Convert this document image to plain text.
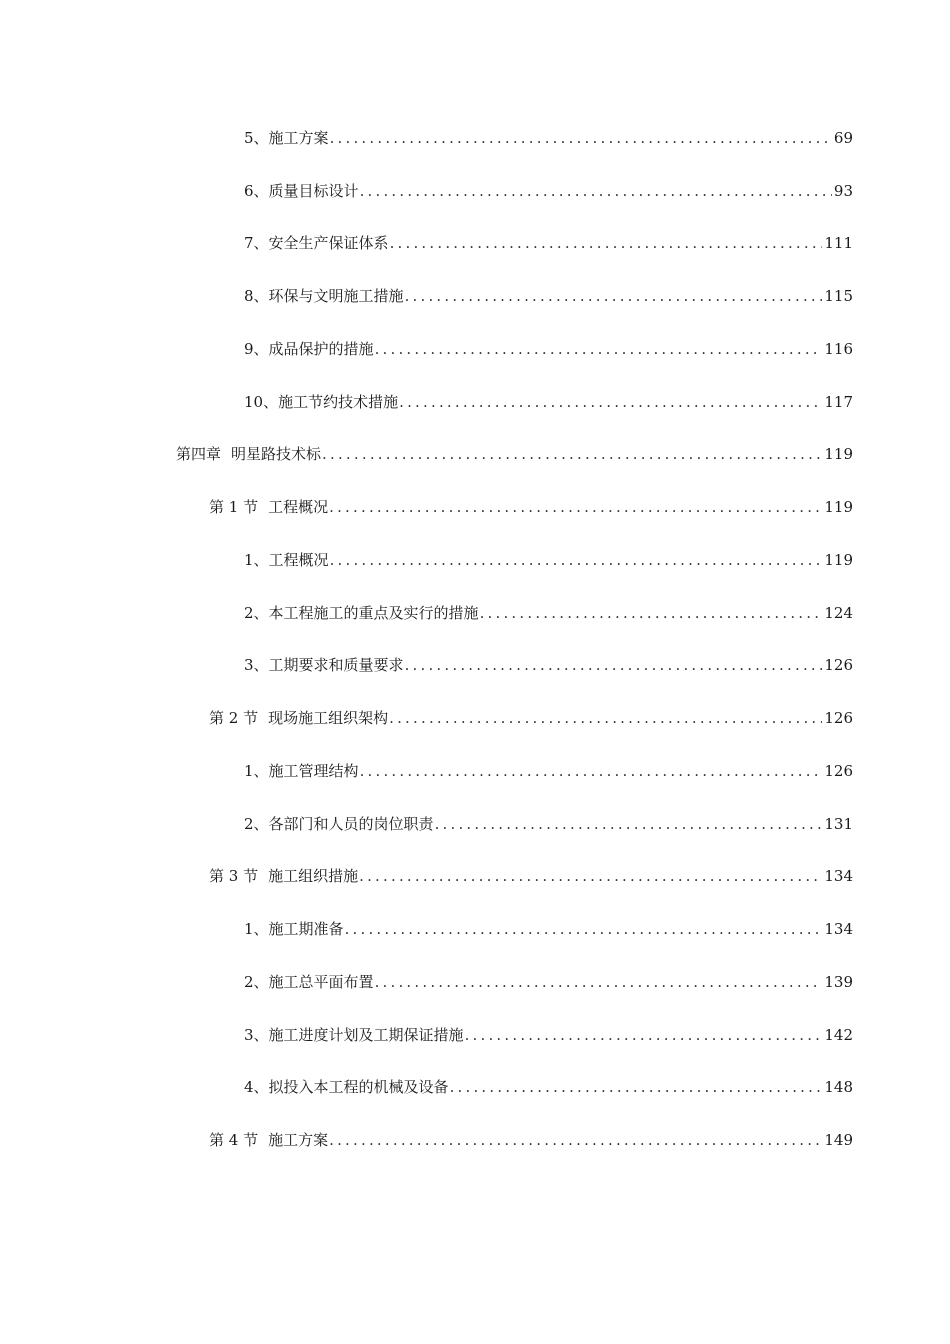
5、 施工方案 .....	69
6、 质量目标设计 .....	93
7、 安全生产保证体系 .....	111
8、 环保与文明施工措施 .....	115
9、 成品保护的措施 .....	116
10、 施工节约技术措施 .....	117
第四章 明星路技术标 .....	119
第 1 节 工程概况 .....	119
1、 工程概况 .....	119
2、 本工程施工的重点及实行的措施 .....	124
3、 工期要求和质量要求 .....	126
第 2 节 现场施工组织架构 .....	126
1、 施工管理结构 .....	126
2、 各部门和人员的岗位职责 .....	131
第 3 节 施工组织措施 .....	134
1、 施工期准备 .....	134
2、 施工总平面布置 .....	139
3、 施工进度计划及工期保证措施 .....	142
4、 拟投入本工程的机械及设备 .....	148
第 4 节 施工方案 .....	149
